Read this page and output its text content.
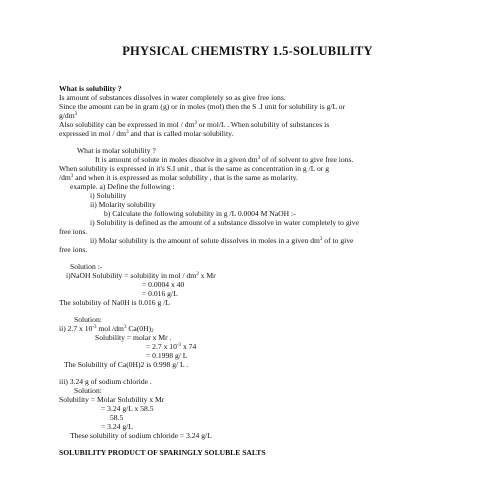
PHYSICAL CHEMISTRY 1.5-SOLUBILITY
What is solubility ?
Is amount of substances dissolves in water completely so as give free ions.
Since the amount can be in gram (g) or in moles (mol) then the S .I unit for solubility is g/L or
$g/dm^3$
Also solubility can be expressed in mol / $dm^3$ or mol/L . When solubility of substances is
expressed in mol / $dm^3$ and that is called molar solubility.
What is molar solubility ?
It is amount of solute in moles dissolve in a given $dm^3$ of of solvent to give free ions.
When solubility is expressed in it's S.I unit , that is the same as concentration in g /L or g
$/dm^3$ and when it is expressed as molar solubility , that is the same as molarity.
example. a) Define the following :
i) Solubility
ii) Molarity solubility
b) Calculate the following solubility in g /L 0.0004 M NaOH :-
i) Solubility is defined as the amount of a substance dissolve in water completely to give
free ions.
ii) Molar solubility is the amount of solute dissolves in moles in a given $dm^3$ of to give
free ions.
Solution :-
i)NaOH Solubility = solubility in mol / $dm^3$ x Mr
= 0.0004 x 40
= 0.016 g/L
The solubility of Na0H is 0.016 g /L
Solution:
ii) 2.7 x $10^{-3}$ mol $/dm^3$ $Ca(0H)_2$
Solubility = molar x Mr .
= 2.7 x $10^{-3}$ x 74
= 0.1998 g/ L
The Solubility of Ca(0H)2 is 0.998 g/ L .
iii) 3.24 g of sodium chloride .
Solution:
Solubility = Molar Solubility x Mr
= 3.24 g/L x 58.5
58.5
= 3.24 g/L
These solubility of sodium chloride = 3.24 g/L
SOLUBILITY PRODUCT OF SPARINGLY SOLUBLE SALTS
